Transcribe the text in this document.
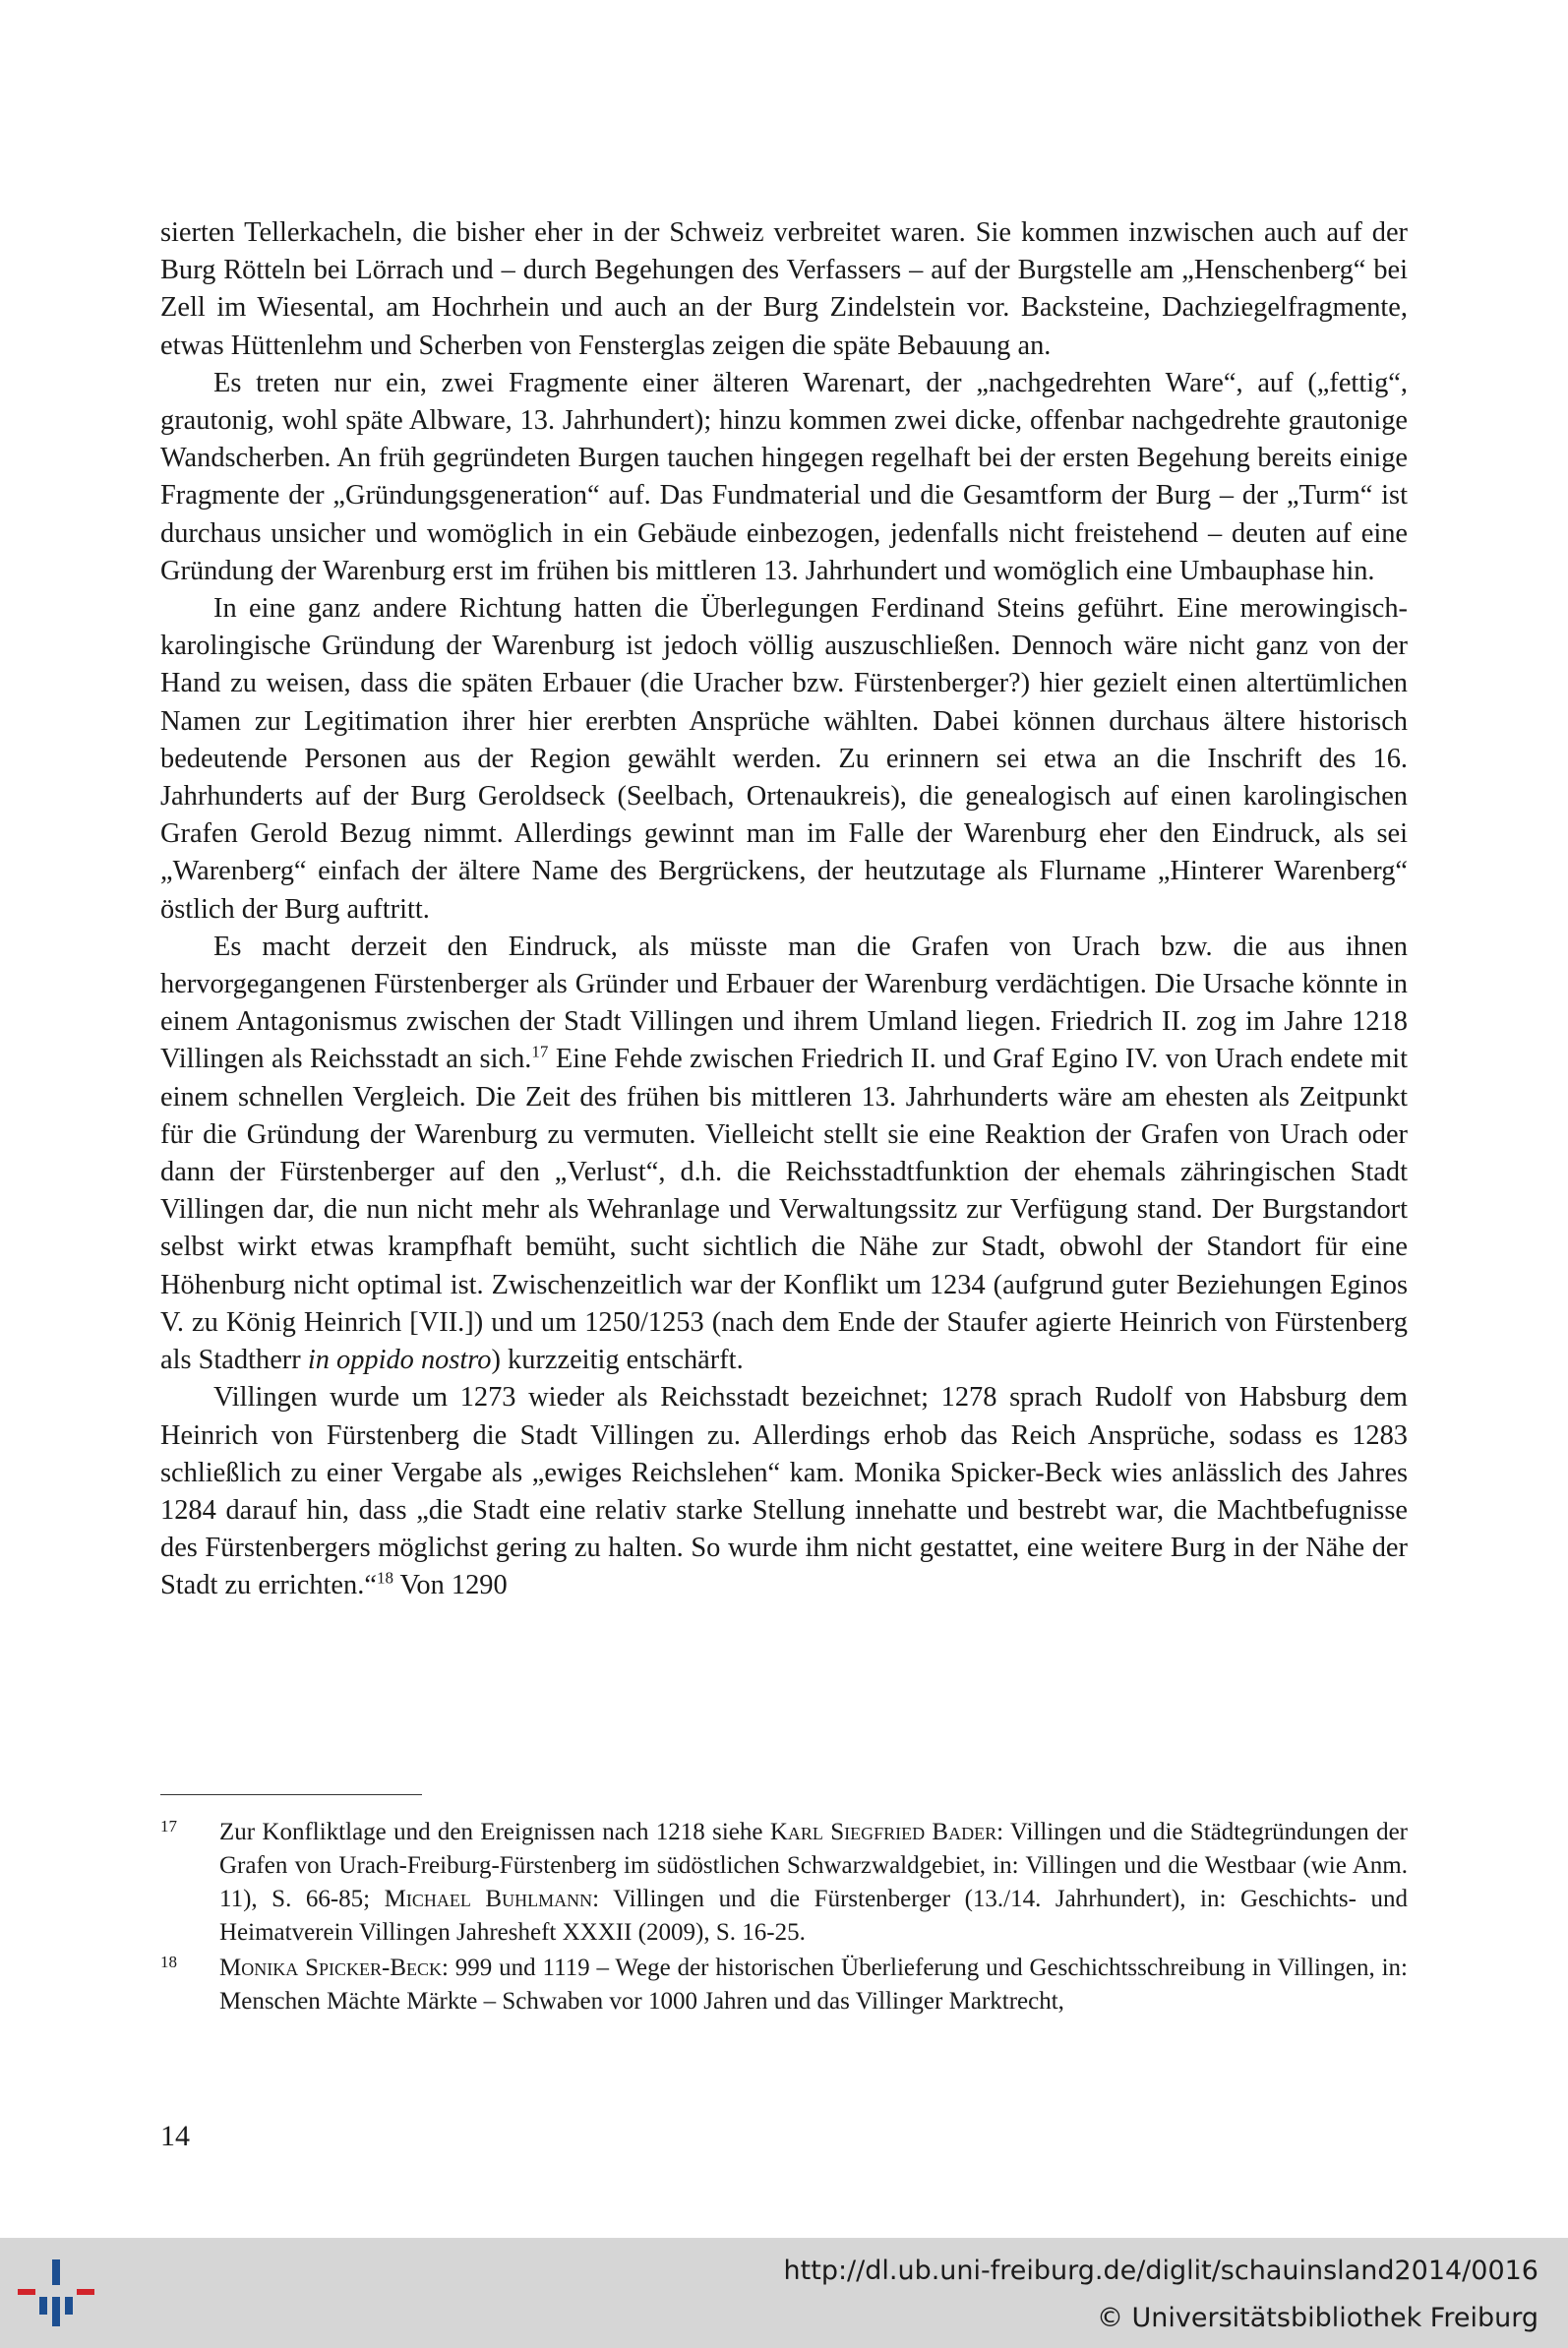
sierten Tellerkacheln, die bisher eher in der Schweiz verbreitet waren. Sie kommen inzwischen auch auf der Burg Rötteln bei Lörrach und – durch Begehungen des Verfassers – auf der Burgstelle am „Henschenberg“ bei Zell im Wiesental, am Hochrhein und auch an der Burg Zindelstein vor. Backsteine, Dachziegelfragmente, etwas Hüttenlehm und Scherben von Fensterglas zeigen die späte Bebauung an.

Es treten nur ein, zwei Fragmente einer älteren Warenart, der „nachgedrehten Ware“, auf („fettig“, grautonig, wohl späte Albware, 13. Jahrhundert); hinzu kommen zwei dicke, offenbar nachgedrehte grautonige Wandscherben. An früh gegründeten Burgen tauchen hingegen regelhaft bei der ersten Begehung bereits einige Fragmente der „Gründungsgeneration“ auf. Das Fundmaterial und die Gesamtform der Burg – der „Turm“ ist durchaus unsicher und womöglich in ein Gebäude einbezogen, jedenfalls nicht freistehend – deuten auf eine Gründung der Warenburg erst im frühen bis mittleren 13. Jahrhundert und womöglich eine Umbauphase hin.

In eine ganz andere Richtung hatten die Überlegungen Ferdinand Steins geführt. Eine merowingisch-karolingische Gründung der Warenburg ist jedoch völlig auszuschließen. Dennoch wäre nicht ganz von der Hand zu weisen, dass die späten Erbauer (die Uracher bzw. Fürstenberger?) hier gezielt einen altertümlichen Namen zur Legitimation ihrer hier ererbten Ansprüche wählten. Dabei können durchaus ältere historisch bedeutende Personen aus der Region gewählt werden. Zu erinnern sei etwa an die Inschrift des 16. Jahrhunderts auf der Burg Geroldseck (Seelbach, Ortenaukreis), die genealogisch auf einen karolingischen Grafen Gerold Bezug nimmt. Allerdings gewinnt man im Falle der Warenburg eher den Eindruck, als sei „Warenberg“ einfach der ältere Name des Bergrückens, der heutzutage als Flurname „Hinterer Warenberg“ östlich der Burg auftritt.

Es macht derzeit den Eindruck, als müsste man die Grafen von Urach bzw. die aus ihnen hervorgegangenen Fürstenberger als Gründer und Erbauer der Warenburg verdächtigen. Die Ursache könnte in einem Antagonismus zwischen der Stadt Villingen und ihrem Umland liegen. Friedrich II. zog im Jahre 1218 Villingen als Reichsstadt an sich.$^{17}$ Eine Fehde zwischen Friedrich II. und Graf Egino IV. von Urach endete mit einem schnellen Vergleich. Die Zeit des frühen bis mittleren 13. Jahrhunderts wäre am ehesten als Zeitpunkt für die Gründung der Warenburg zu vermuten. Vielleicht stellt sie eine Reaktion der Grafen von Urach oder dann der Fürstenberger auf den „Verlust“, d.h. die Reichsstadtfunktion der ehemals zähringischen Stadt Villingen dar, die nun nicht mehr als Wehranlage und Verwaltungssitz zur Verfügung stand. Der Burgstandort selbst wirkt etwas krampfhaft bemüht, sucht sichtlich die Nähe zur Stadt, obwohl der Standort für eine Höhenburg nicht optimal ist. Zwischenzeitlich war der Konflikt um 1234 (aufgrund guter Beziehungen Eginos V. zu König Heinrich [VII.]) und um 1250/1253 (nach dem Ende der Staufer agierte Heinrich von Fürstenberg als Stadtherr in oppido nostro) kurzzeitig entschärft.

Villingen wurde um 1273 wieder als Reichsstadt bezeichnet; 1278 sprach Rudolf von Habsburg dem Heinrich von Fürstenberg die Stadt Villingen zu. Allerdings erhob das Reich Ansprüche, sodass es 1283 schließlich zu einer Vergabe als „ewiges Reichslehen“ kam. Monika Spicker-Beck wies anlässlich des Jahres 1284 darauf hin, dass „die Stadt eine relativ starke Stellung innehatte und bestrebt war, die Machtbefugnisse des Fürstenbergers möglichst gering zu halten. So wurde ihm nicht gestattet, eine weitere Burg in der Nähe der Stadt zu errichten.“$^{18}$ Von 1290

17 Zur Konfliktlage und den Ereignissen nach 1218 siehe Karl Siegfried Bader: Villingen und die Städtegründungen der Grafen von Urach-Freiburg-Fürstenberg im südöstlichen Schwarzwaldgebiet, in: Villingen und die Westbaar (wie Anm. 11), S. 66-85; Michael Buhlmann: Villingen und die Fürstenberger (13./14. Jahrhundert), in: Geschichts- und Heimatverein Villingen Jahresheft XXXII (2009), S. 16-25.
18 Monika Spicker-Beck: 999 und 1119 – Wege der historischen Überlieferung und Geschichtsschreibung in Villingen, in: Menschen Mächte Märkte – Schwaben vor 1000 Jahren und das Villinger Marktrecht,
14
http://dl.ub.uni-freiburg.de/diglit/schauinsland2014/0016
© Universitätsbibliothek Freiburg
